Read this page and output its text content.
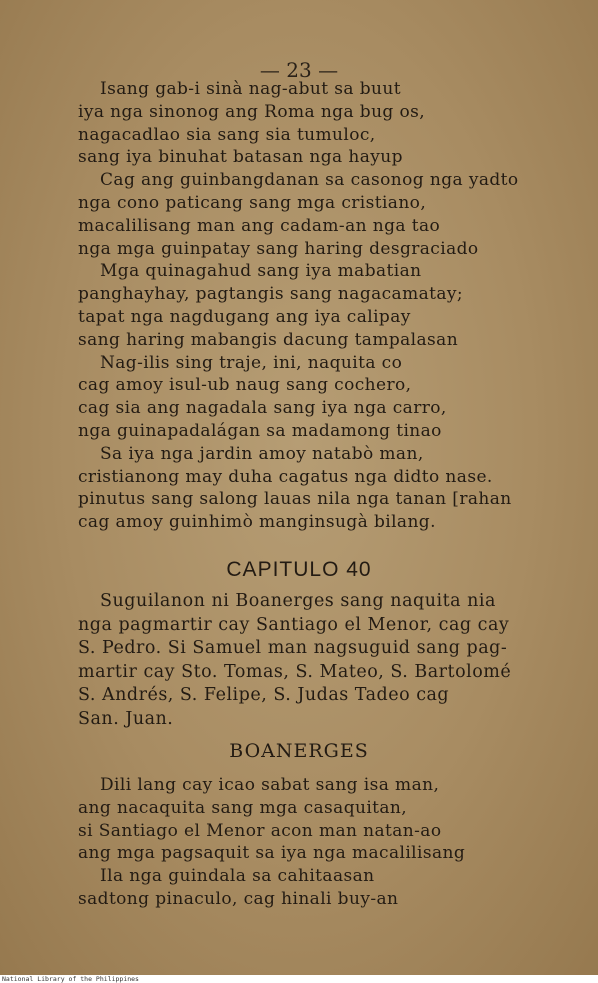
— 23 —
Isang gab-i sinà nag-abut sa buut
iya nga sinonog ang Roma nga bug os,
nagacadlao sia sang sia tumuloc,
sang iya binuhat batasan nga hayup
Cag ang guinbangdanan sa casonog nga yadto
nga cono paticang sang mga cristiano,
macalilisang man ang cadam-an nga tao
nga mga guinpatay sang haring desgraciado
Mga quinagahud sang iya mabatian
panghayhay, pagtangis sang nagacamatay;
tapat nga nagdugang ang iya calipay
sang haring mabangis dacung tampalasan
Nag-ilis sing traje, ini, naquita co
cag amoy isul-ub naug sang cochero,
cag sia ang nagadala sang iya nga carro,
nga guinapadalágan sa madamong tinao
Sa iya nga jardin amoy natabò man,
cristianong may duha cagatus nga didto nase.
pinutus sang salong lauas nila nga tanan [rahan
cag amoy guinhimò manginsugà bilang.
CAPITULO 40
Suguilanon ni Boanerges sang naquita nia
nga pagmartir cay Santiago el Menor, cag cay
S. Pedro. Si Samuel man nagsuguid sang pag-
martir cay Sto. Tomas, S. Mateo, S. Bartolomé
S. Andrés, S. Felipe, S. Judas Tadeo cag
San. Juan.
BOANERGES
Dili lang cay icao sabat sang isa man,
ang nacaquita sang mga casaquitan,
si Santiago el Menor acon man natan-ao
ang mga pagsaquit sa iya nga macalilisang
Ila nga guindala sa cahitaasan
sadtong pinaculo, cag hinali buy-an
National Library of the Philippines
